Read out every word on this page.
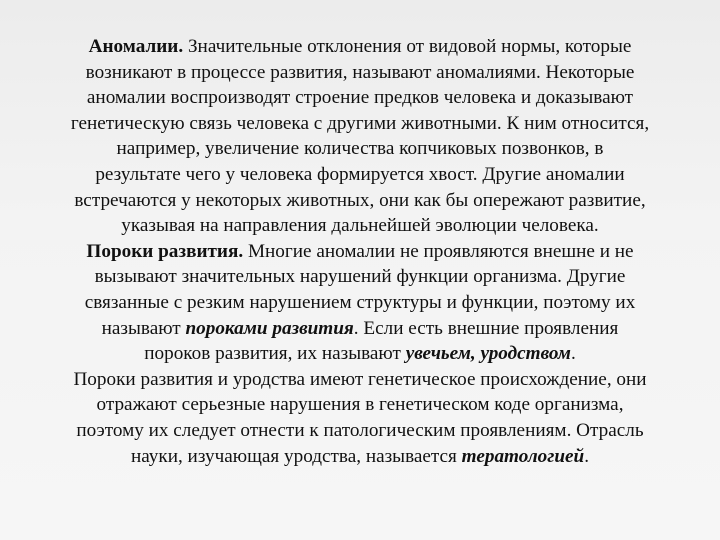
Аномалии. Значительные отклонения от видовой нормы, которые
возникают в процессе развития, называют аномалиями. Некоторые
аномалии воспроизводят строение предков человека и доказывают
генетическую связь человека с другими животными. К ним относится,
например, увеличение количества копчиковых позвонков, в
результате чего у человека формируется хвост. Другие аномалии
встречаются у некоторых животных, они как бы опережают развитие,
указывая на направления дальнейшей эволюции человека.
Пороки развития. Многие аномалии не проявляются внешне и не
вызывают значительных нарушений функции организма. Другие
связанные с резким нарушением структуры и функции, поэтому их
называют пороками развития. Если есть внешние проявления
пороков развития, их называют увечьем, уродством.
Пороки развития и уродства имеют генетическое происхождение, они
отражают серьезные нарушения в генетическом коде организма,
поэтому их следует отнести к патологическим проявлениям. Отрасль
науки, изучающая уродства, называется тератологией.
